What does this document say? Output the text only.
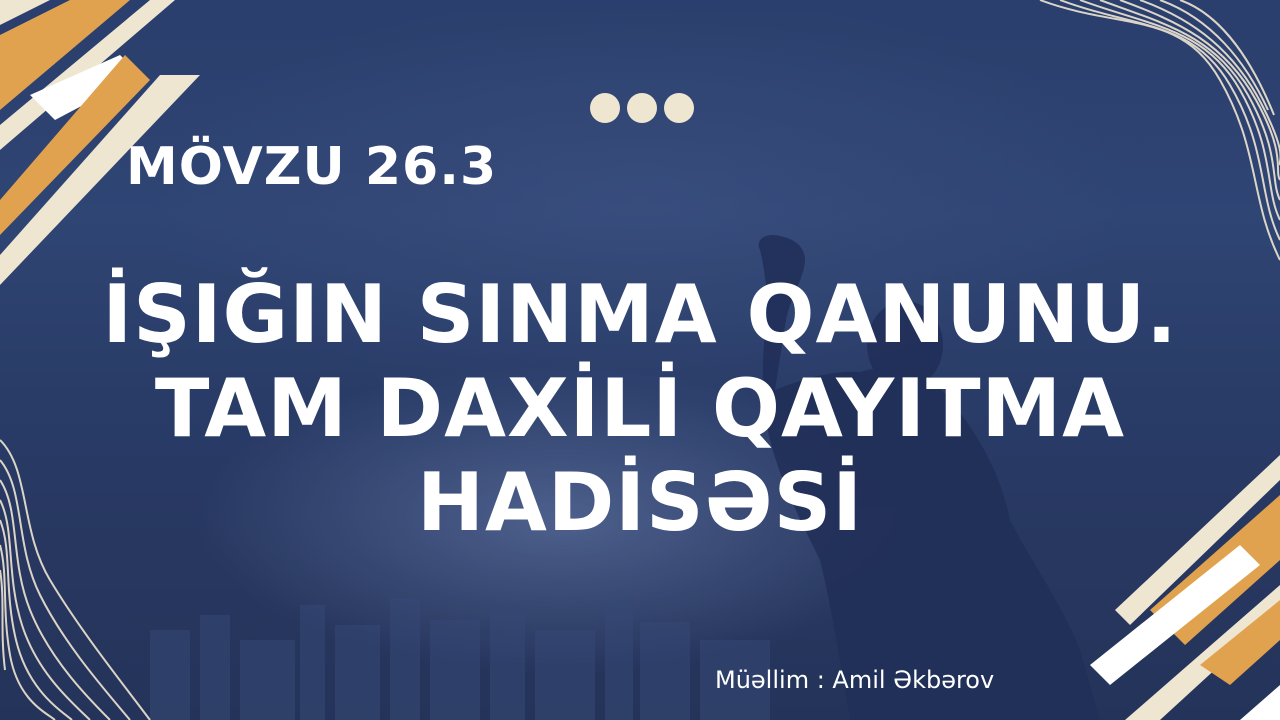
MÖVZU 26.3
İŞIĞIN SINMA QANUNU.
TAM DAXİLİ QAYITMA
HADİSƏSİ
Müəllim : Amil Əkbərov
